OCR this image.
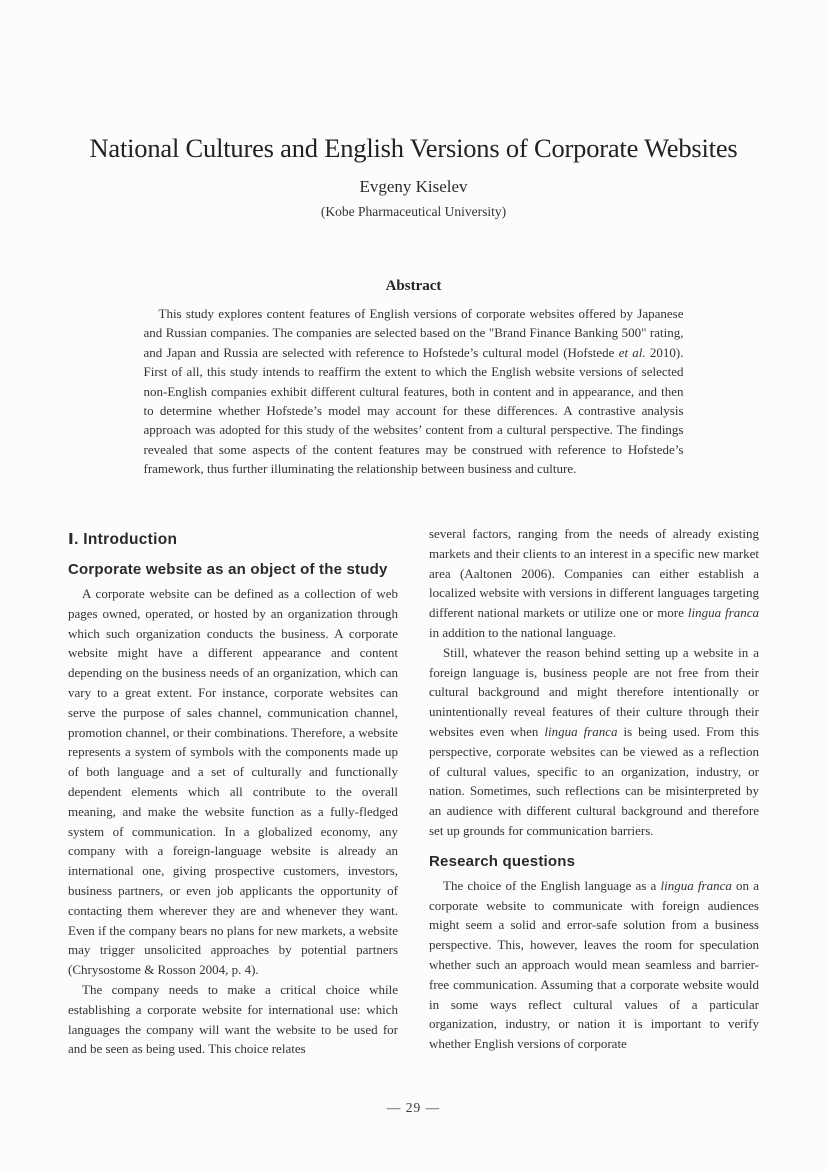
National Cultures and English Versions of Corporate Websites
Evgeny Kiselev
(Kobe Pharmaceutical University)
Abstract

This study explores content features of English versions of corporate websites offered by Japanese and Russian companies. The companies are selected based on the "Brand Finance Banking 500" rating, and Japan and Russia are selected with reference to Hofstede’s cultural model (Hofstede et al. 2010). First of all, this study intends to reaffirm the extent to which the English website versions of selected non-English companies exhibit different cultural features, both in content and in appearance, and then to determine whether Hofstede’s model may account for these differences. A contrastive analysis approach was adopted for this study of the websites’ content from a cultural perspective. The findings revealed that some aspects of the content features may be construed with reference to Hofstede’s framework, thus further illuminating the relationship between business and culture.

Ⅰ. Introduction
Corporate website as an object of the study

A corporate website can be defined as a collection of web pages owned, operated, or hosted by an organization through which such organization conducts the business. A corporate website might have a different appearance and content depending on the business needs of an organization, which can vary to a great extent. For instance, corporate websites can serve the purpose of sales channel, communication channel, promotion channel, or their combinations. Therefore, a website represents a system of symbols with the components made up of both language and a set of culturally and functionally dependent elements which all contribute to the overall meaning, and make the website function as a fully-fledged system of communication. In a globalized economy, any company with a foreign-language website is already an international one, giving prospective customers, investors, business partners, or even job applicants the opportunity of contacting them wherever they are and whenever they want. Even if the company bears no plans for new markets, a website may trigger unsolicited approaches by potential partners (Chrysostome & Rosson 2004, p. 4).

The company needs to make a critical choice while establishing a corporate website for international use: which languages the company will want the website to be used for and be seen as being used. This choice relates

several factors, ranging from the needs of already existing markets and their clients to an interest in a specific new market area (Aaltonen 2006). Companies can either establish a localized website with versions in different languages targeting different national markets or utilize one or more lingua franca in addition to the national language.

Still, whatever the reason behind setting up a website in a foreign language is, business people are not free from their cultural background and might therefore intentionally or unintentionally reveal features of their culture through their websites even when lingua franca is being used. From this perspective, corporate websites can be viewed as a reflection of cultural values, specific to an organization, industry, or nation. Sometimes, such reflections can be misinterpreted by an audience with different cultural background and therefore set up grounds for communication barriers.

Research questions

The choice of the English language as a lingua franca on a corporate website to communicate with foreign audiences might seem a solid and error-safe solution from a business perspective. This, however, leaves the room for speculation whether such an approach would mean seamless and barrier-free communication. Assuming that a corporate website would in some ways reflect cultural values of a particular organization, industry, or nation it is important to verify whether English versions of corporate

— 29 —
